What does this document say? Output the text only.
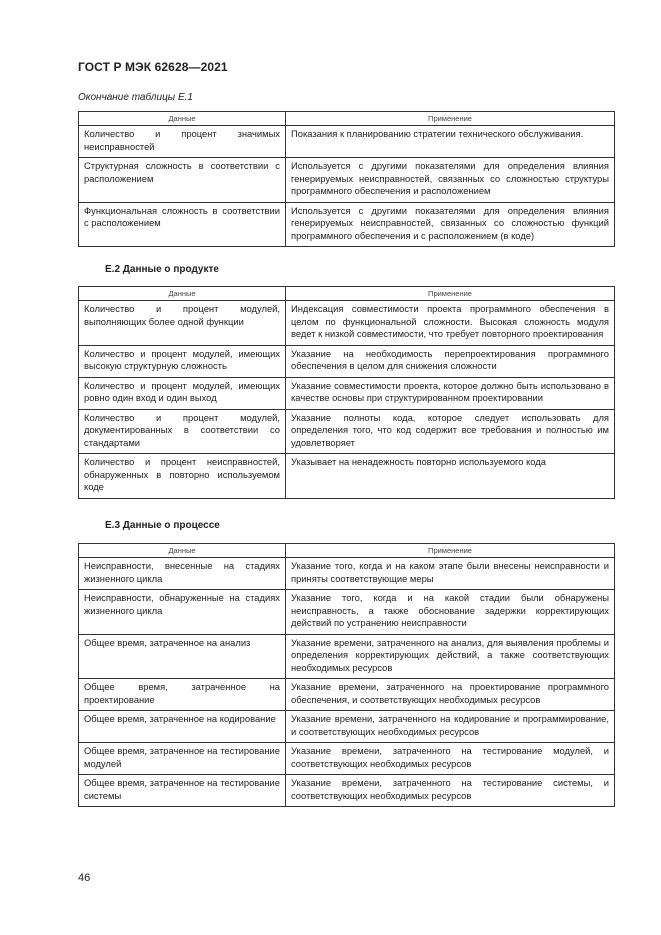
ГОСТ Р МЭК 62628—2021
Окончание таблицы Е.1
Данные	Применение
Количество и процент значимых неисправностей	Показания к планированию стратегии технического обслуживания.
Структурная сложность в соответствии с расположением	Используется с другими показателями для определения влияния генерируемых неисправностей, связанных со сложностью структуры программного обеспечения и расположением
Функциональная сложность в соответствии с расположением	Используется с другими показателями для определения влияния генерируемых неисправностей, связанных со сложностью функций программного обеспечения и с расположением (в коде)
Е.2 Данные о продукте
Данные	Применение
Количество и процент модулей, выполняющих более одной функции	Индексация совместимости проекта программного обеспечения в целом по функциональной сложности. Высокая сложность модуля ведет к низкой совместимости, что требует повторного проектирования
Количество и процент модулей, имеющих высокую структурную сложность	Указание на необходимость перепроектирования программного обеспечения в целом для снижения сложности
Количество и процент модулей, имеющих ровно один вход и один выход	Указание совместимости проекта, которое должно быть использовано в качестве основы при структурированном проектировании
Количество и процент модулей, документированных в соответствии со стандартами	Указание полноты кода, которое следует использовать для определения того, что код содержит все требования и полностью им удовлетворяет
Количество и процент неисправностей, обнаруженных в повторно используемом коде	Указывает на ненадежность повторно используемого кода
Е.3 Данные о процессе
Данные	Применение
Неисправности, внесенные на стадиях жизненного цикла	Указание того, когда и на каком этапе были внесены неисправности и приняты соответствующие меры
Неисправности, обнаруженные на стадиях жизненного цикла	Указание того, когда и на какой стадии были обнаружены неисправность, а также обоснование задержки корректирующих действий по устранению неисправности
Общее время, затраченное на анализ	Указание времени, затраченного на анализ, для выявления проблемы и определения корректирующих действий, а также соответствующих необходимых ресурсов
Общее время, затраченное на проектирование	Указание времени, затраченного на проектирование программного обеспечения, и соответствующих необходимых ресурсов
Общее время, затраченное на кодирование	Указание времени, затраченного на кодирование и программирование, и соответствующих необходимых ресурсов
Общее время, затраченное на тестирование модулей	Указание времени, затраченного на тестирование модулей, и соответствующих необходимых ресурсов
Общее время, затраченное на тестирование системы	Указание времени, затраченного на тестирование системы, и соответствующих необходимых ресурсов
46
